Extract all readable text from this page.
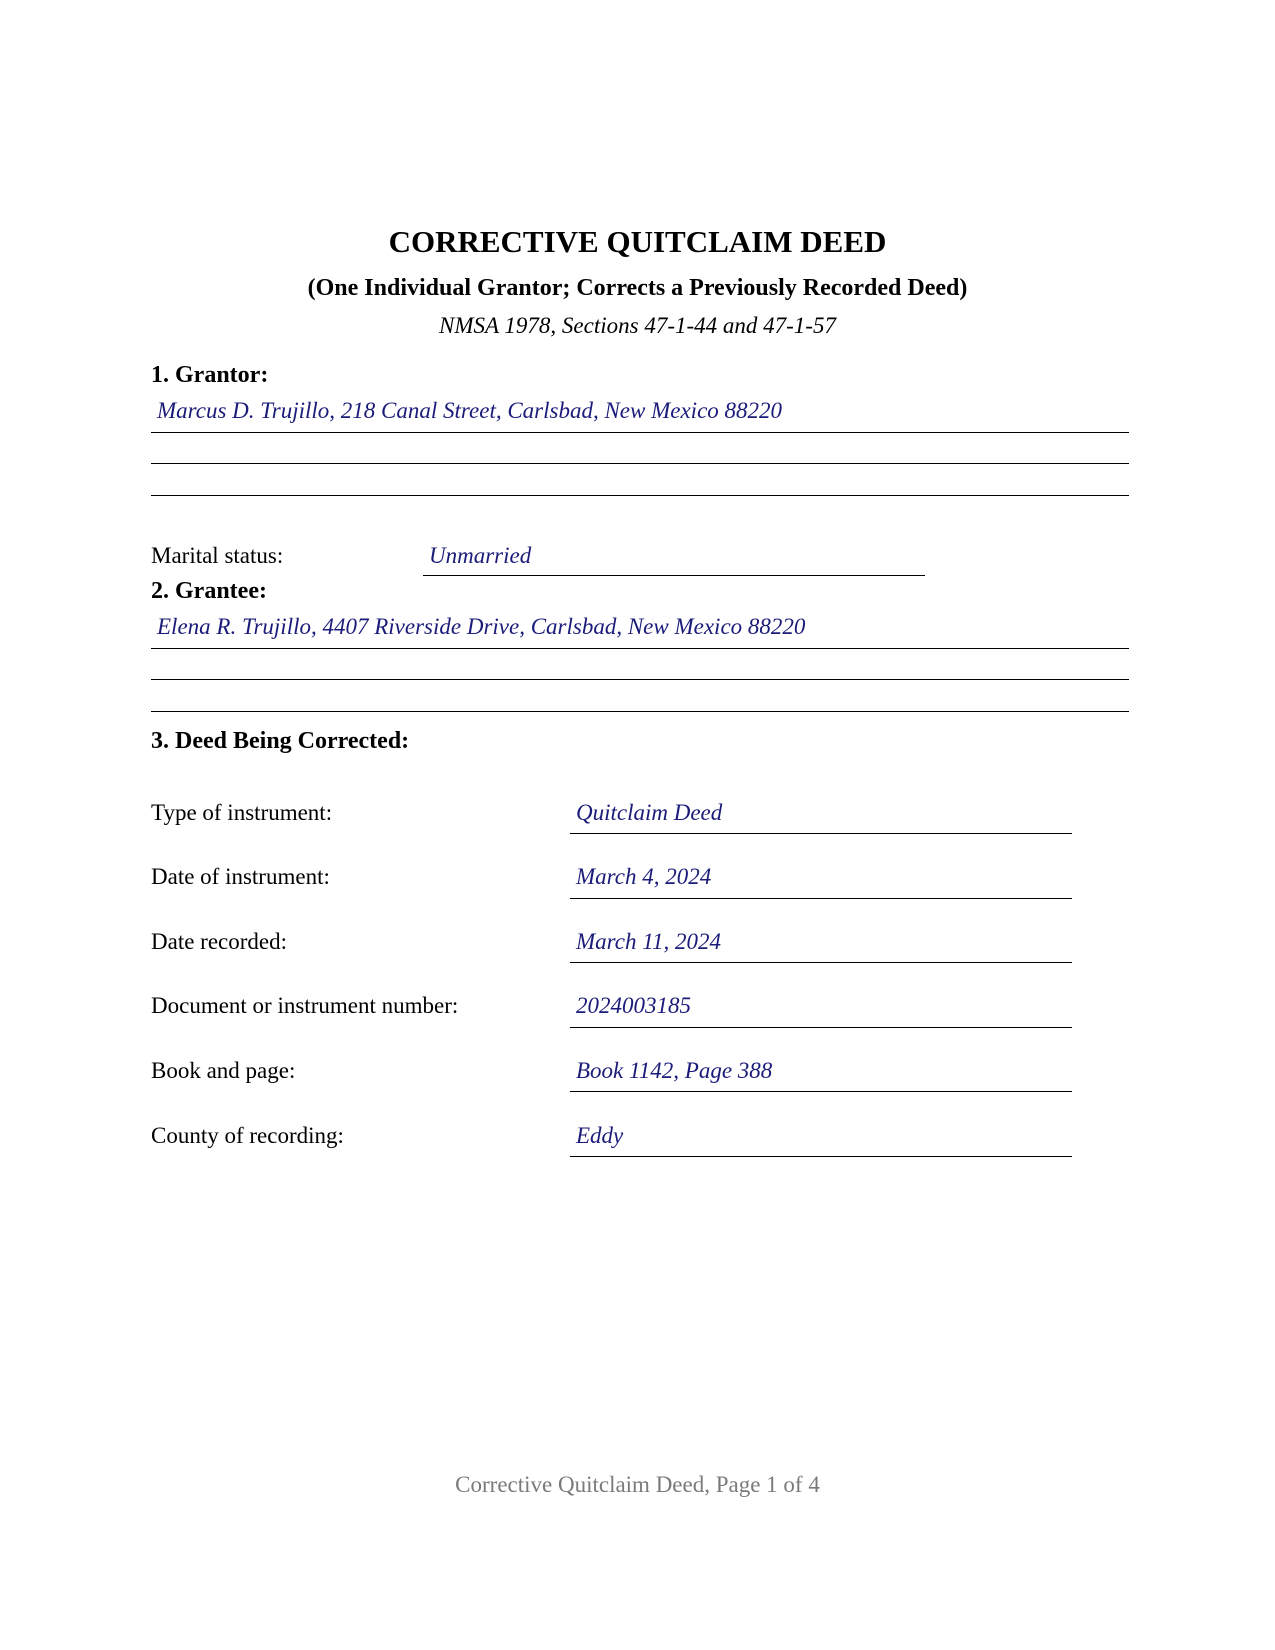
CORRECTIVE QUITCLAIM DEED
(One Individual Grantor; Corrects a Previously Recorded Deed)
NMSA 1978, Sections 47-1-44 and 47-1-57
1. Grantor:
Marcus D. Trujillo, 218 Canal Street, Carlsbad, New Mexico 88220
Marital status:	Unmarried
2. Grantee:
Elena R. Trujillo, 4407 Riverside Drive, Carlsbad, New Mexico 88220
3. Deed Being Corrected:
Type of instrument:	Quitclaim Deed
Date of instrument:	March 4, 2024
Date recorded:	March 11, 2024
Document or instrument number:	2024003185
Book and page:	Book 1142, Page 388
County of recording:	Eddy
Corrective Quitclaim Deed, Page 1 of 4
